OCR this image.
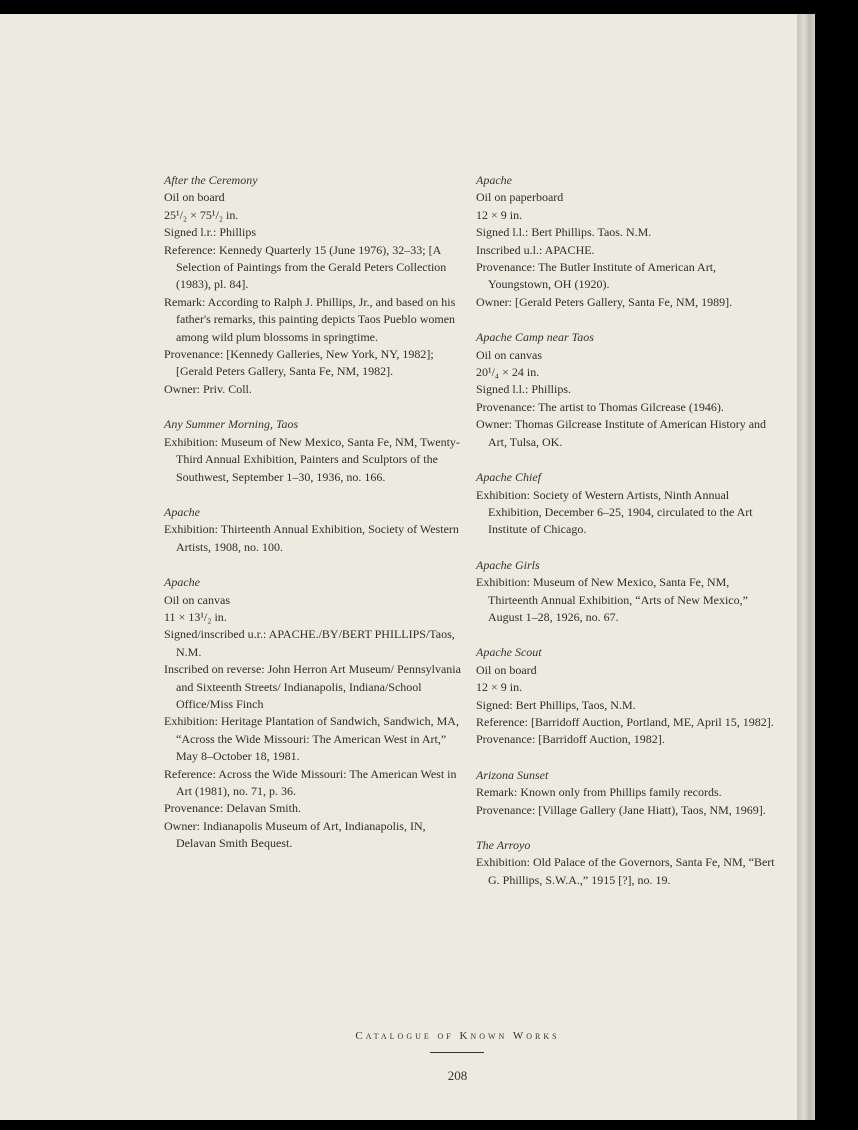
After the Ceremony
Oil on board
25¹/₂ × 75¹/₂ in.
Signed l.r.: Phillips
Reference: Kennedy Quarterly 15 (June 1976), 32–33; [A Selection of Paintings from the Gerald Peters Collection (1983), pl. 84].
Remark: According to Ralph J. Phillips, Jr., and based on his father's remarks, this painting depicts Taos Pueblo women among wild plum blossoms in springtime.
Provenance: [Kennedy Galleries, New York, NY, 1982]; [Gerald Peters Gallery, Santa Fe, NM, 1982].
Owner: Priv. Coll.
Any Summer Morning, Taos
Exhibition: Museum of New Mexico, Santa Fe, NM, Twenty-Third Annual Exhibition, Painters and Sculptors of the Southwest, September 1–30, 1936, no. 166.
Apache
Exhibition: Thirteenth Annual Exhibition, Society of Western Artists, 1908, no. 100.
Apache
Oil on canvas
11 × 13¹/₂ in.
Signed/inscribed u.r.: APACHE./BY/BERT PHILLIPS/Taos, N.M.
Inscribed on reverse: John Herron Art Museum/ Pennsylvania and Sixteenth Streets/ Indianapolis, Indiana/School Office/Miss Finch
Exhibition: Heritage Plantation of Sandwich, Sandwich, MA, “Across the Wide Missouri: The American West in Art,” May 8–October 18, 1981.
Reference: Across the Wide Missouri: The American West in Art (1981), no. 71, p. 36.
Provenance: Delavan Smith.
Owner: Indianapolis Museum of Art, Indianapolis, IN, Delavan Smith Bequest.
Apache
Oil on paperboard
12 × 9 in.
Signed l.l.: Bert Phillips. Taos. N.M.
Inscribed u.l.: APACHE.
Provenance: The Butler Institute of American Art, Youngstown, OH (1920).
Owner: [Gerald Peters Gallery, Santa Fe, NM, 1989].
Apache Camp near Taos
Oil on canvas
20¹/₄ × 24 in.
Signed l.l.: Phillips.
Provenance: The artist to Thomas Gilcrease (1946).
Owner: Thomas Gilcrease Institute of American History and Art, Tulsa, OK.
Apache Chief
Exhibition: Society of Western Artists, Ninth Annual Exhibition, December 6–25, 1904, circulated to the Art Institute of Chicago.
Apache Girls
Exhibition: Museum of New Mexico, Santa Fe, NM, Thirteenth Annual Exhibition, “Arts of New Mexico,” August 1–28, 1926, no. 67.
Apache Scout
Oil on board
12 × 9 in.
Signed: Bert Phillips, Taos, N.M.
Reference: [Barridoff Auction, Portland, ME, April 15, 1982].
Provenance: [Barridoff Auction, 1982].
Arizona Sunset
Remark: Known only from Phillips family records.
Provenance: [Village Gallery (Jane Hiatt), Taos, NM, 1969].
The Arroyo
Exhibition: Old Palace of the Governors, Santa Fe, NM, “Bert G. Phillips, S.W.A.,” 1915 [?], no. 19.
Catalogue of Known Works
208
